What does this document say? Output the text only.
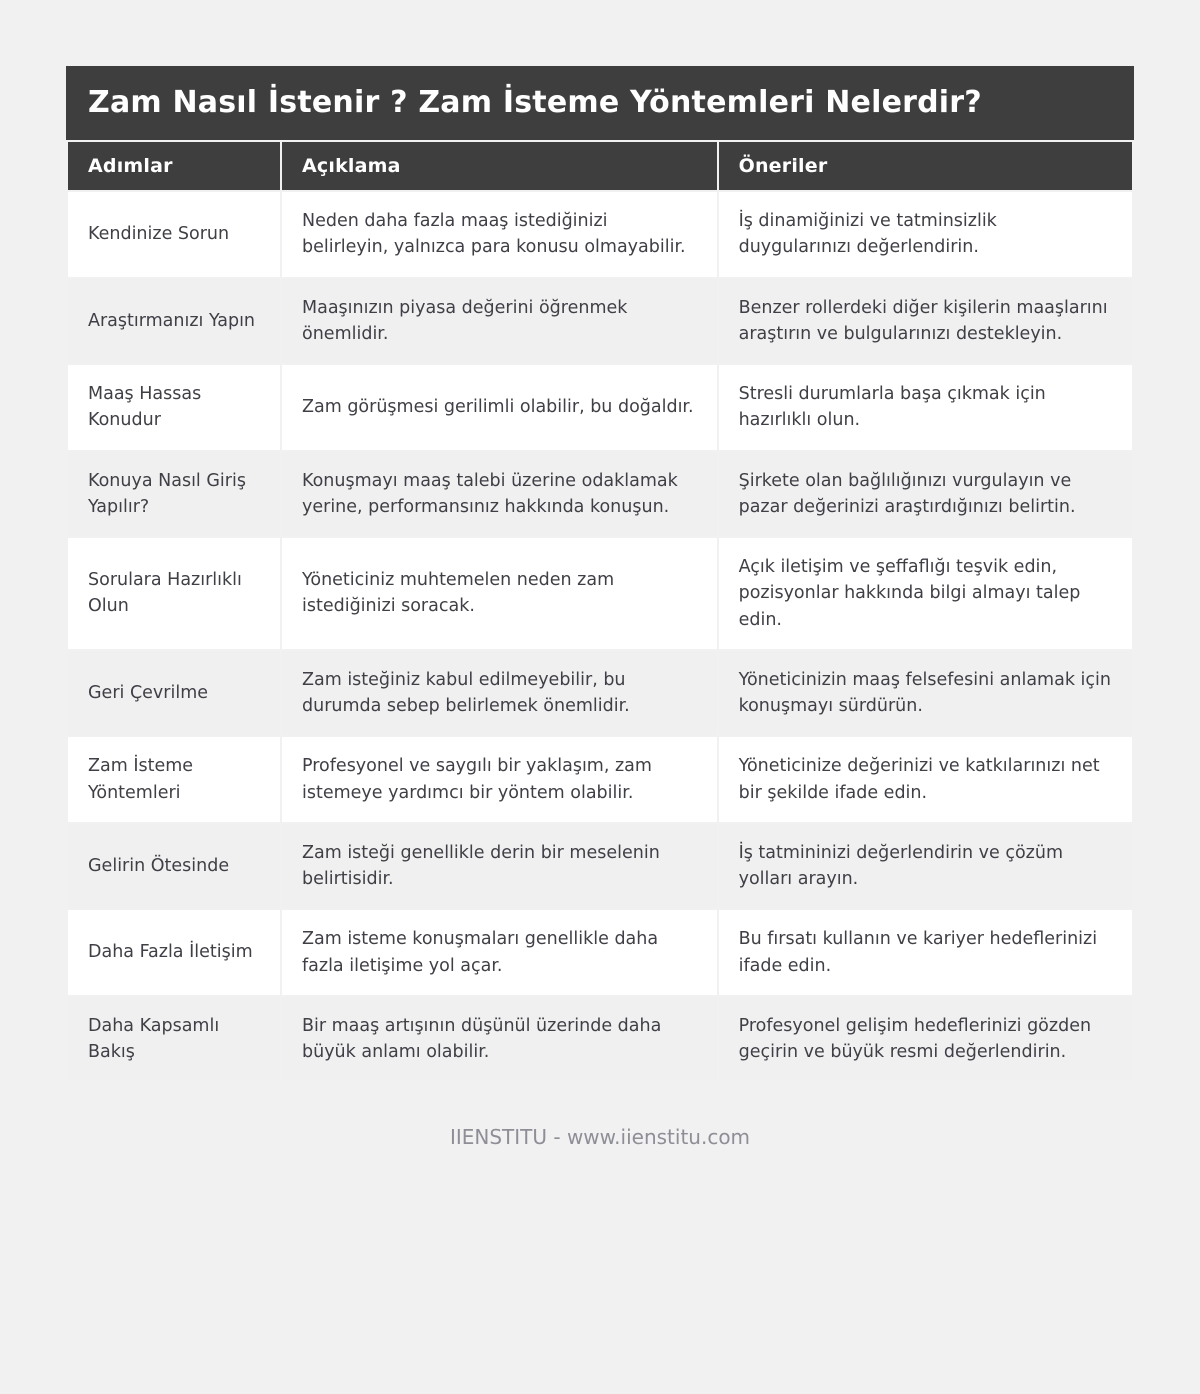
Zam Nasıl İstenir ? Zam İsteme Yöntemleri Nelerdir?
Adımlar	Açıklama	Öneriler
Kendinize Sorun	Neden daha fazla maaş istediğinizi belirleyin, yalnızca para konusu olmayabilir.	İş dinamiğinizi ve tatminsizlik duygularınızı değerlendirin.
Araştırmanızı Yapın	Maaşınızın piyasa değerini öğrenmek önemlidir.	Benzer rollerdeki diğer kişilerin maaşlarını araştırın ve bulgularınızı destekleyin.
Maaş Hassas Konudur	Zam görüşmesi gerilimli olabilir, bu doğaldır.	Stresli durumlarla başa çıkmak için hazırlıklı olun.
Konuya Nasıl Giriş Yapılır?	Konuşmayı maaş talebi üzerine odaklamak yerine, performansınız hakkında konuşun.	Şirkete olan bağlılığınızı vurgulayın ve pazar değerinizi araştırdığınızı belirtin.
Sorulara Hazırlıklı Olun	Yöneticiniz muhtemelen neden zam istediğinizi soracak.	Açık iletişim ve şeffaflığı teşvik edin, pozisyonlar hakkında bilgi almayı talep edin.
Geri Çevrilme	Zam isteğiniz kabul edilmeyebilir, bu durumda sebep belirlemek önemlidir.	Yöneticinizin maaş felsefesini anlamak için konuşmayı sürdürün.
Zam İsteme Yöntemleri	Profesyonel ve saygılı bir yaklaşım, zam istemeye yardımcı bir yöntem olabilir.	Yöneticinize değerinizi ve katkılarınızı net bir şekilde ifade edin.
Gelirin Ötesinde	Zam isteği genellikle derin bir meselenin belirtisidir.	İş tatmininizi değerlendirin ve çözüm yolları arayın.
Daha Fazla İletişim	Zam isteme konuşmaları genellikle daha fazla iletişime yol açar.	Bu fırsatı kullanın ve kariyer hedeflerinizi ifade edin.
Daha Kapsamlı Bakış	Bir maaş artışının düşünül üzerinde daha büyük anlamı olabilir.	Profesyonel gelişim hedeflerinizi gözden geçirin ve büyük resmi değerlendirin.
IIENSTITU - www.iienstitu.com
